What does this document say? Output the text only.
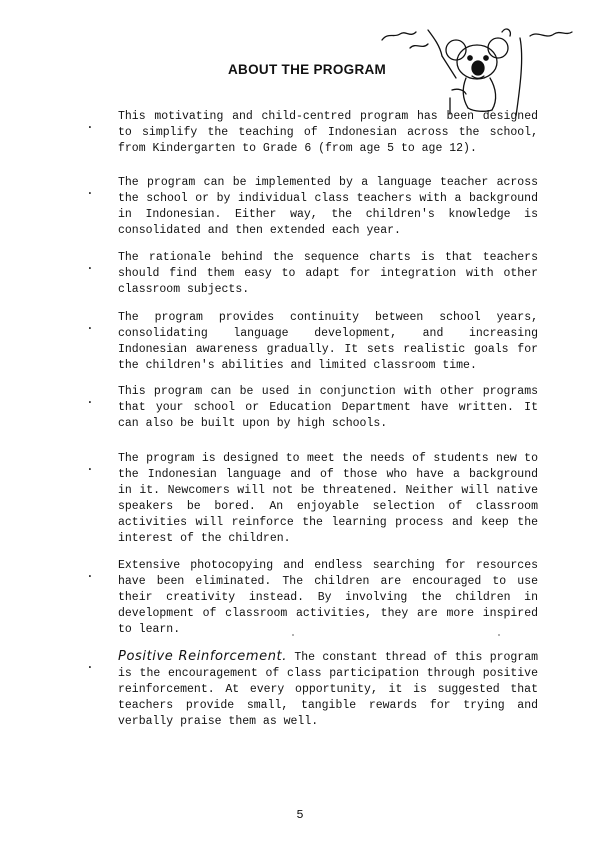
ABOUT THE PROGRAM
.

This motivating and child-centred program has been designed to simplify the teaching of Indonesian across the school, from Kindergarten to Grade 6 (from age 5 to age 12).

.

The program can be implemented by a language teacher across the school or by individual class teachers with a background in Indonesian. Either way, the children's knowledge is consolidated and then extended each year.

.

The rationale behind the sequence charts is that teachers should find them easy to adapt for integration with other classroom subjects.

.

The program provides continuity between school years, consolidating language development, and increasing Indonesian awareness gradually. It sets realistic goals for the children's abilities and limited classroom time.

.

This program can be used in conjunction with other programs that your school or Education Department have written. It can also be built upon by high schools.

.

The program is designed to meet the needs of students new to the Indonesian language and of those who have a background in it. Newcomers will not be threatened. Neither will native speakers be bored. An enjoyable selection of classroom activities will reinforce the learning process and keep the interest of the children.

.

Extensive photocopying and endless searching for resources have been eliminated. The children are encouraged to use their creativity instead. By involving the children in development of classroom activities, they are more inspired to learn.

.

Positive Reinforcement. The constant thread of this program is the encouragement of class participation through positive reinforcement. At every opportunity, it is suggested that teachers provide small, tangible rewards for trying and verbally praise them as well.

5
